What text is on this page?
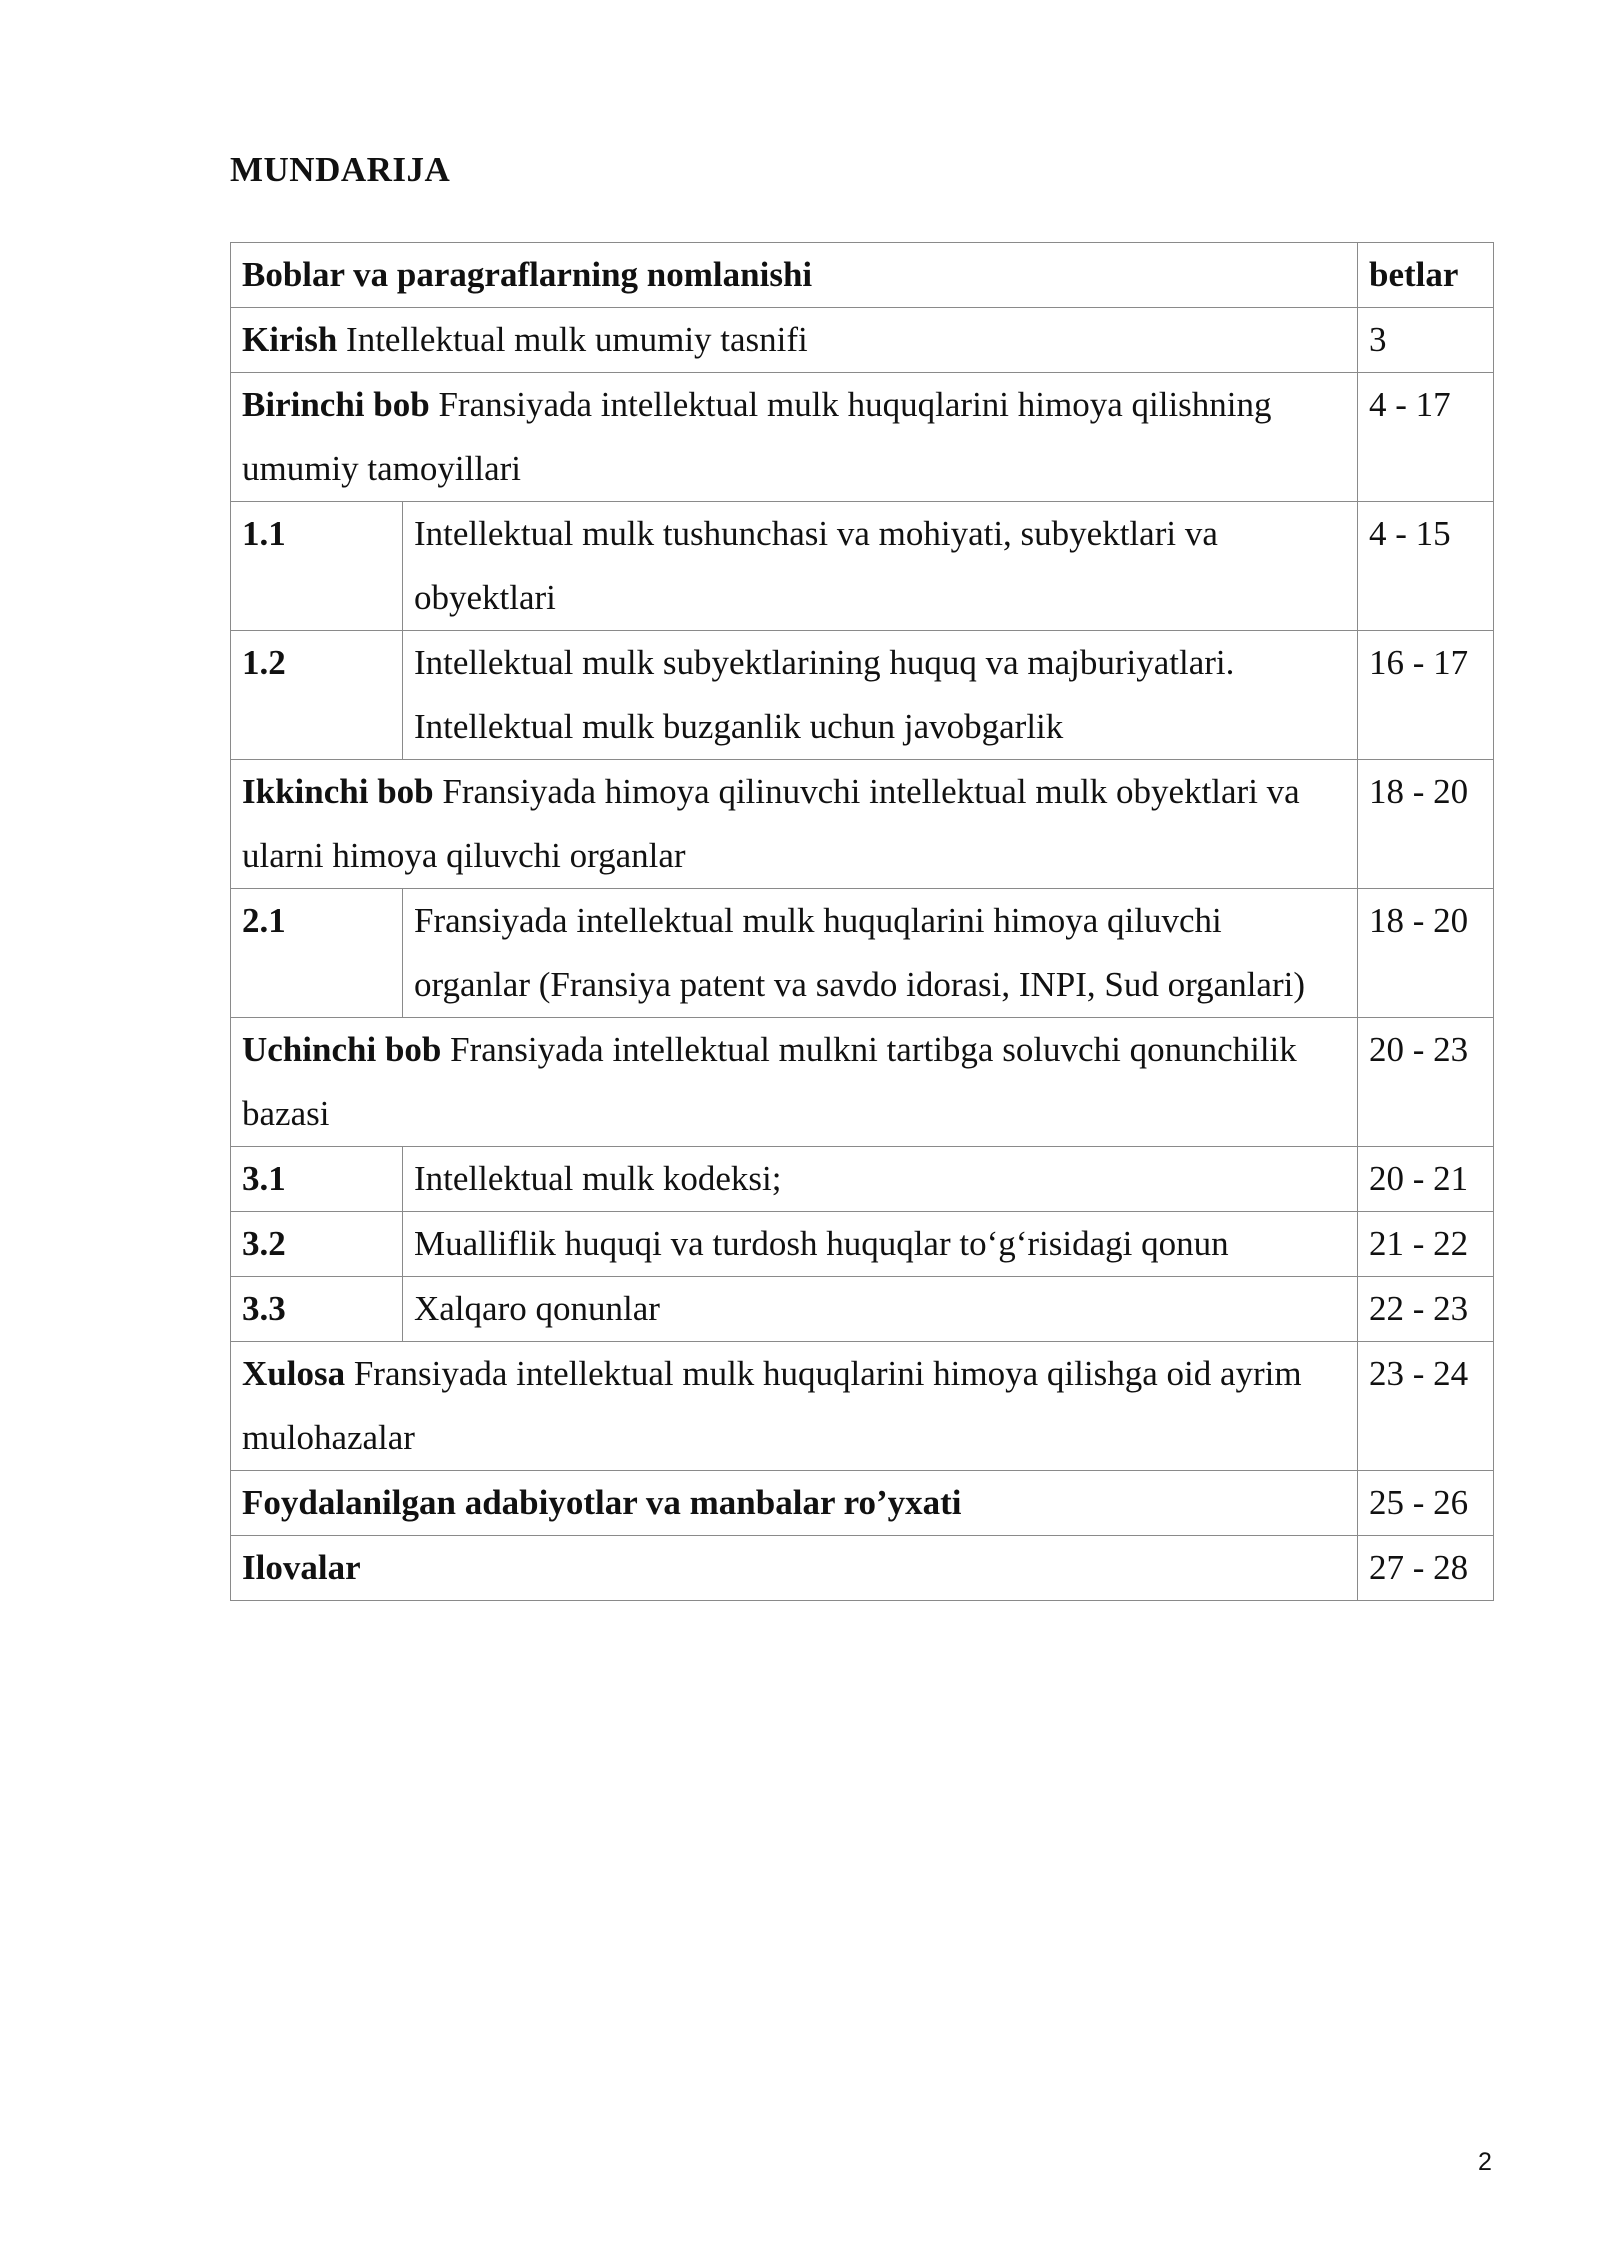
MUNDARIJA
Boblar va paragraflarning nomlanishi		betlar
Kirish Intellektual mulk umumiy tasnifi		3
Birinchi bob Fransiyada intellektual mulk huquqlarini himoya qilishning umumiy tamoyillari		4 - 17
1.1	Intellektual mulk tushunchasi va mohiyati, subyektlari va obyektlari	4 - 15
1.2	Intellektual mulk subyektlarining huquq va majburiyatlari. Intellektual mulk buzganlik uchun javobgarlik	16 - 17
Ikkinchi bob Fransiyada himoya qilinuvchi intellektual mulk obyektlari va ularni himoya qiluvchi organlar		18 - 20
2.1	Fransiyada intellektual mulk huquqlarini himoya qiluvchi organlar (Fransiya patent va savdo idorasi, INPI, Sud organlari)	18 - 20
Uchinchi bob Fransiyada intellektual mulkni tartibga soluvchi qonunchilik bazasi		20 - 23
3.1	Intellektual mulk kodeksi;	20 - 21
3.2	Mualliflik huquqi va turdosh huquqlar to‘g‘risidagi qonun	21 - 22
3.3	Xalqaro qonunlar	22 - 23
Xulosa Fransiyada intellektual mulk huquqlarini himoya qilishga oid ayrim mulohazalar		23 - 24
Foydalanilgan adabiyotlar va manbalar ro’yxati		25 - 26
Ilovalar		27 - 28
2
